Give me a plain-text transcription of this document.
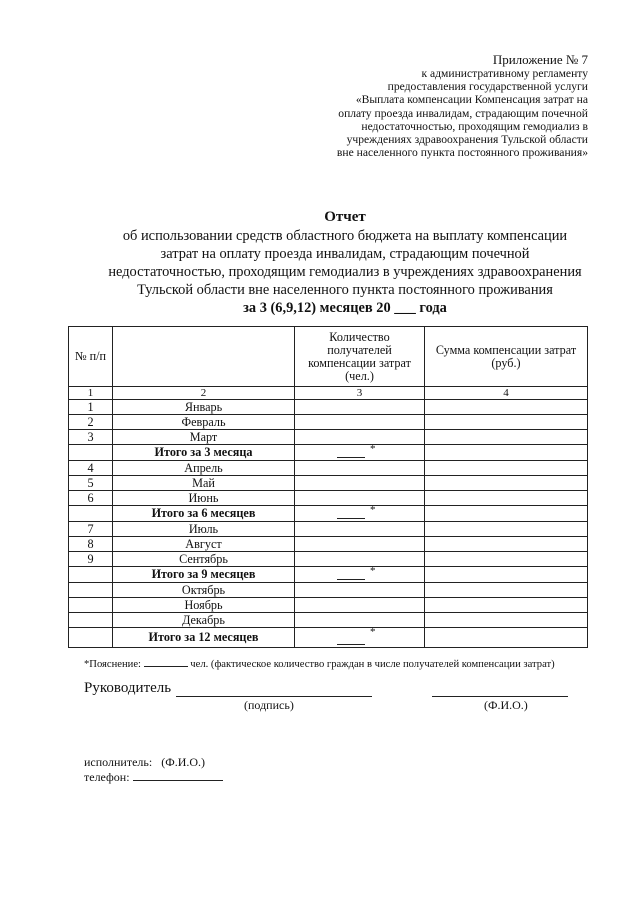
Приложение № 7
к административному регламенту
предоставления государственной услуги
«Выплата компенсации Компенсация затрат на
оплату проезда инвалидам, страдающим почечной
недостаточностью, проходящим гемодиализ в
учреждениях здравоохранения Тульской области
вне населенного пункта постоянного проживания»
Отчет
об использовании средств областного бюджета на выплату компенсации
затрат на оплату проезда инвалидам, страдающим почечной
недостаточностью, проходящим гемодиализ в учреждениях здравоохранения
Тульской области вне населенного пункта постоянного проживания
за 3 (6,9,12) месяцев 20 ___ года
№ п/п		Количество получателей компенсации затрат (чел.)	Сумма компенсации затрат (руб.)
1	2	3	4
1	Январь		
2	Февраль		
3	Март		
	Итого за 3 месяца	*	

4	Апрель		
5	Май		
6	Июнь		
	Итого за 6 месяцев	*	

7	Июль		
8	Август		
9	Сентябрь		
	Итого за 9 месяцев	*	

	Октябрь		
	Ноябрь		
	Декабрь		
	Итого за 12 месяцев	*	

*Пояснение:	чел. (фактическое количество граждан в числе получателей компенсации затрат)
Руководитель
(подпись)	(Ф.И.О.)
исполнитель: (Ф.И.О.)
телефон:
